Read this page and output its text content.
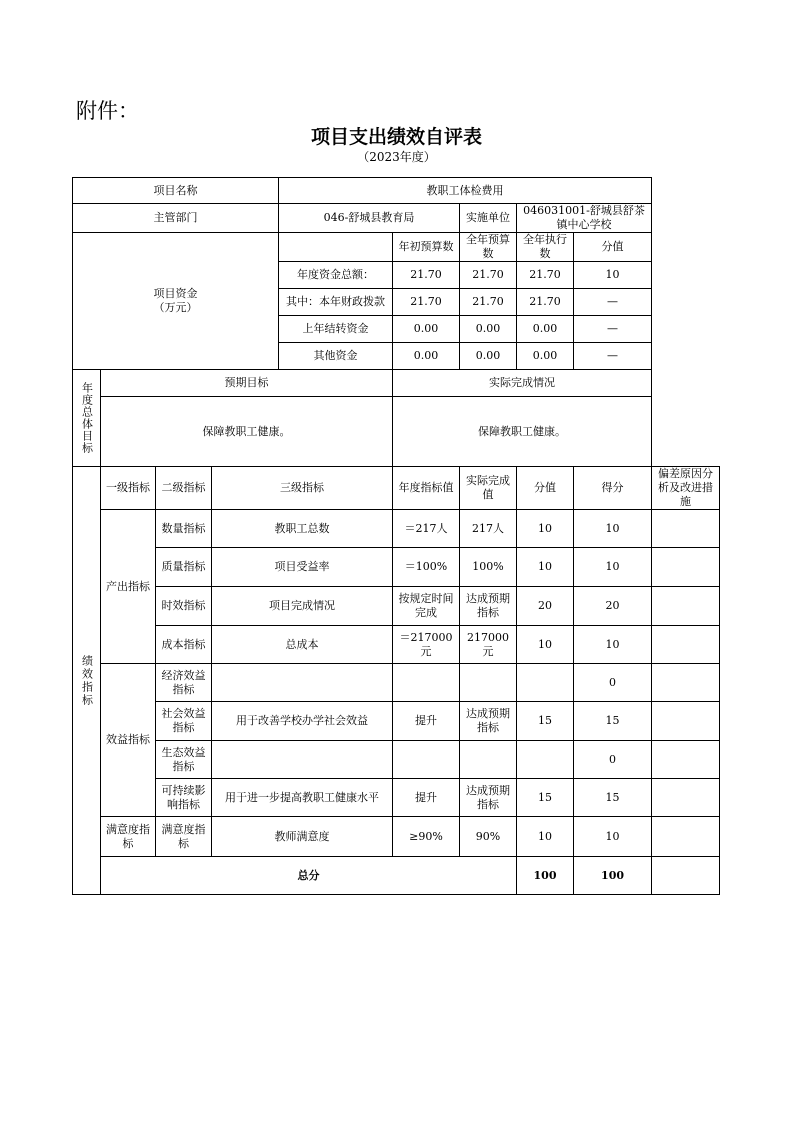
附件：
项目支出绩效自评表
（2023年度）
项目名称				教职工体检费用					
主管部门				046-舒城县教育局		实施单位	046031001-舒城县舒茶镇中心学校		
项目资金
（万元）					年初预算数	全年预算数	全年执行数	分值	

				年度资金总额：	21.70	21.70	21.70	10	
				其中：本年财政拨款	21.70	21.70	21.70	—	
				上年结转资金	0.00	0.00	0.00	—	
				其他资金	0.00	0.00	0.00	—	
年度总体目标	预期目标				实际完成情况				
	保障教职工健康。				保障教职工健康。				
绩效指标	一级指标	二级指标	三级指标		年度指标值	实际完成值	分值	得分	偏差原因分析及改进措施
	产出指标	数量指标	教职工总数		＝217人	217人	10	10	
		质量指标	项目受益率		＝100%	100%	10	10	
		时效指标	项目完成情况		按规定时间完成	达成预期指标	20	20	
		成本指标	总成本		＝217000元	217000元	10	10	
	效益指标	经济效益指标						0	
		社会效益指标	用于改善学校办学社会效益		提升	达成预期指标	15	15	
		生态效益指标						0	
		可持续影响指标	用于进一步提高教职工健康水平		提升	达成预期指标	15	15	
	满意度指标	满意度指标	教师满意度		≥90%	90%	10	10	
	总分						100	100	
